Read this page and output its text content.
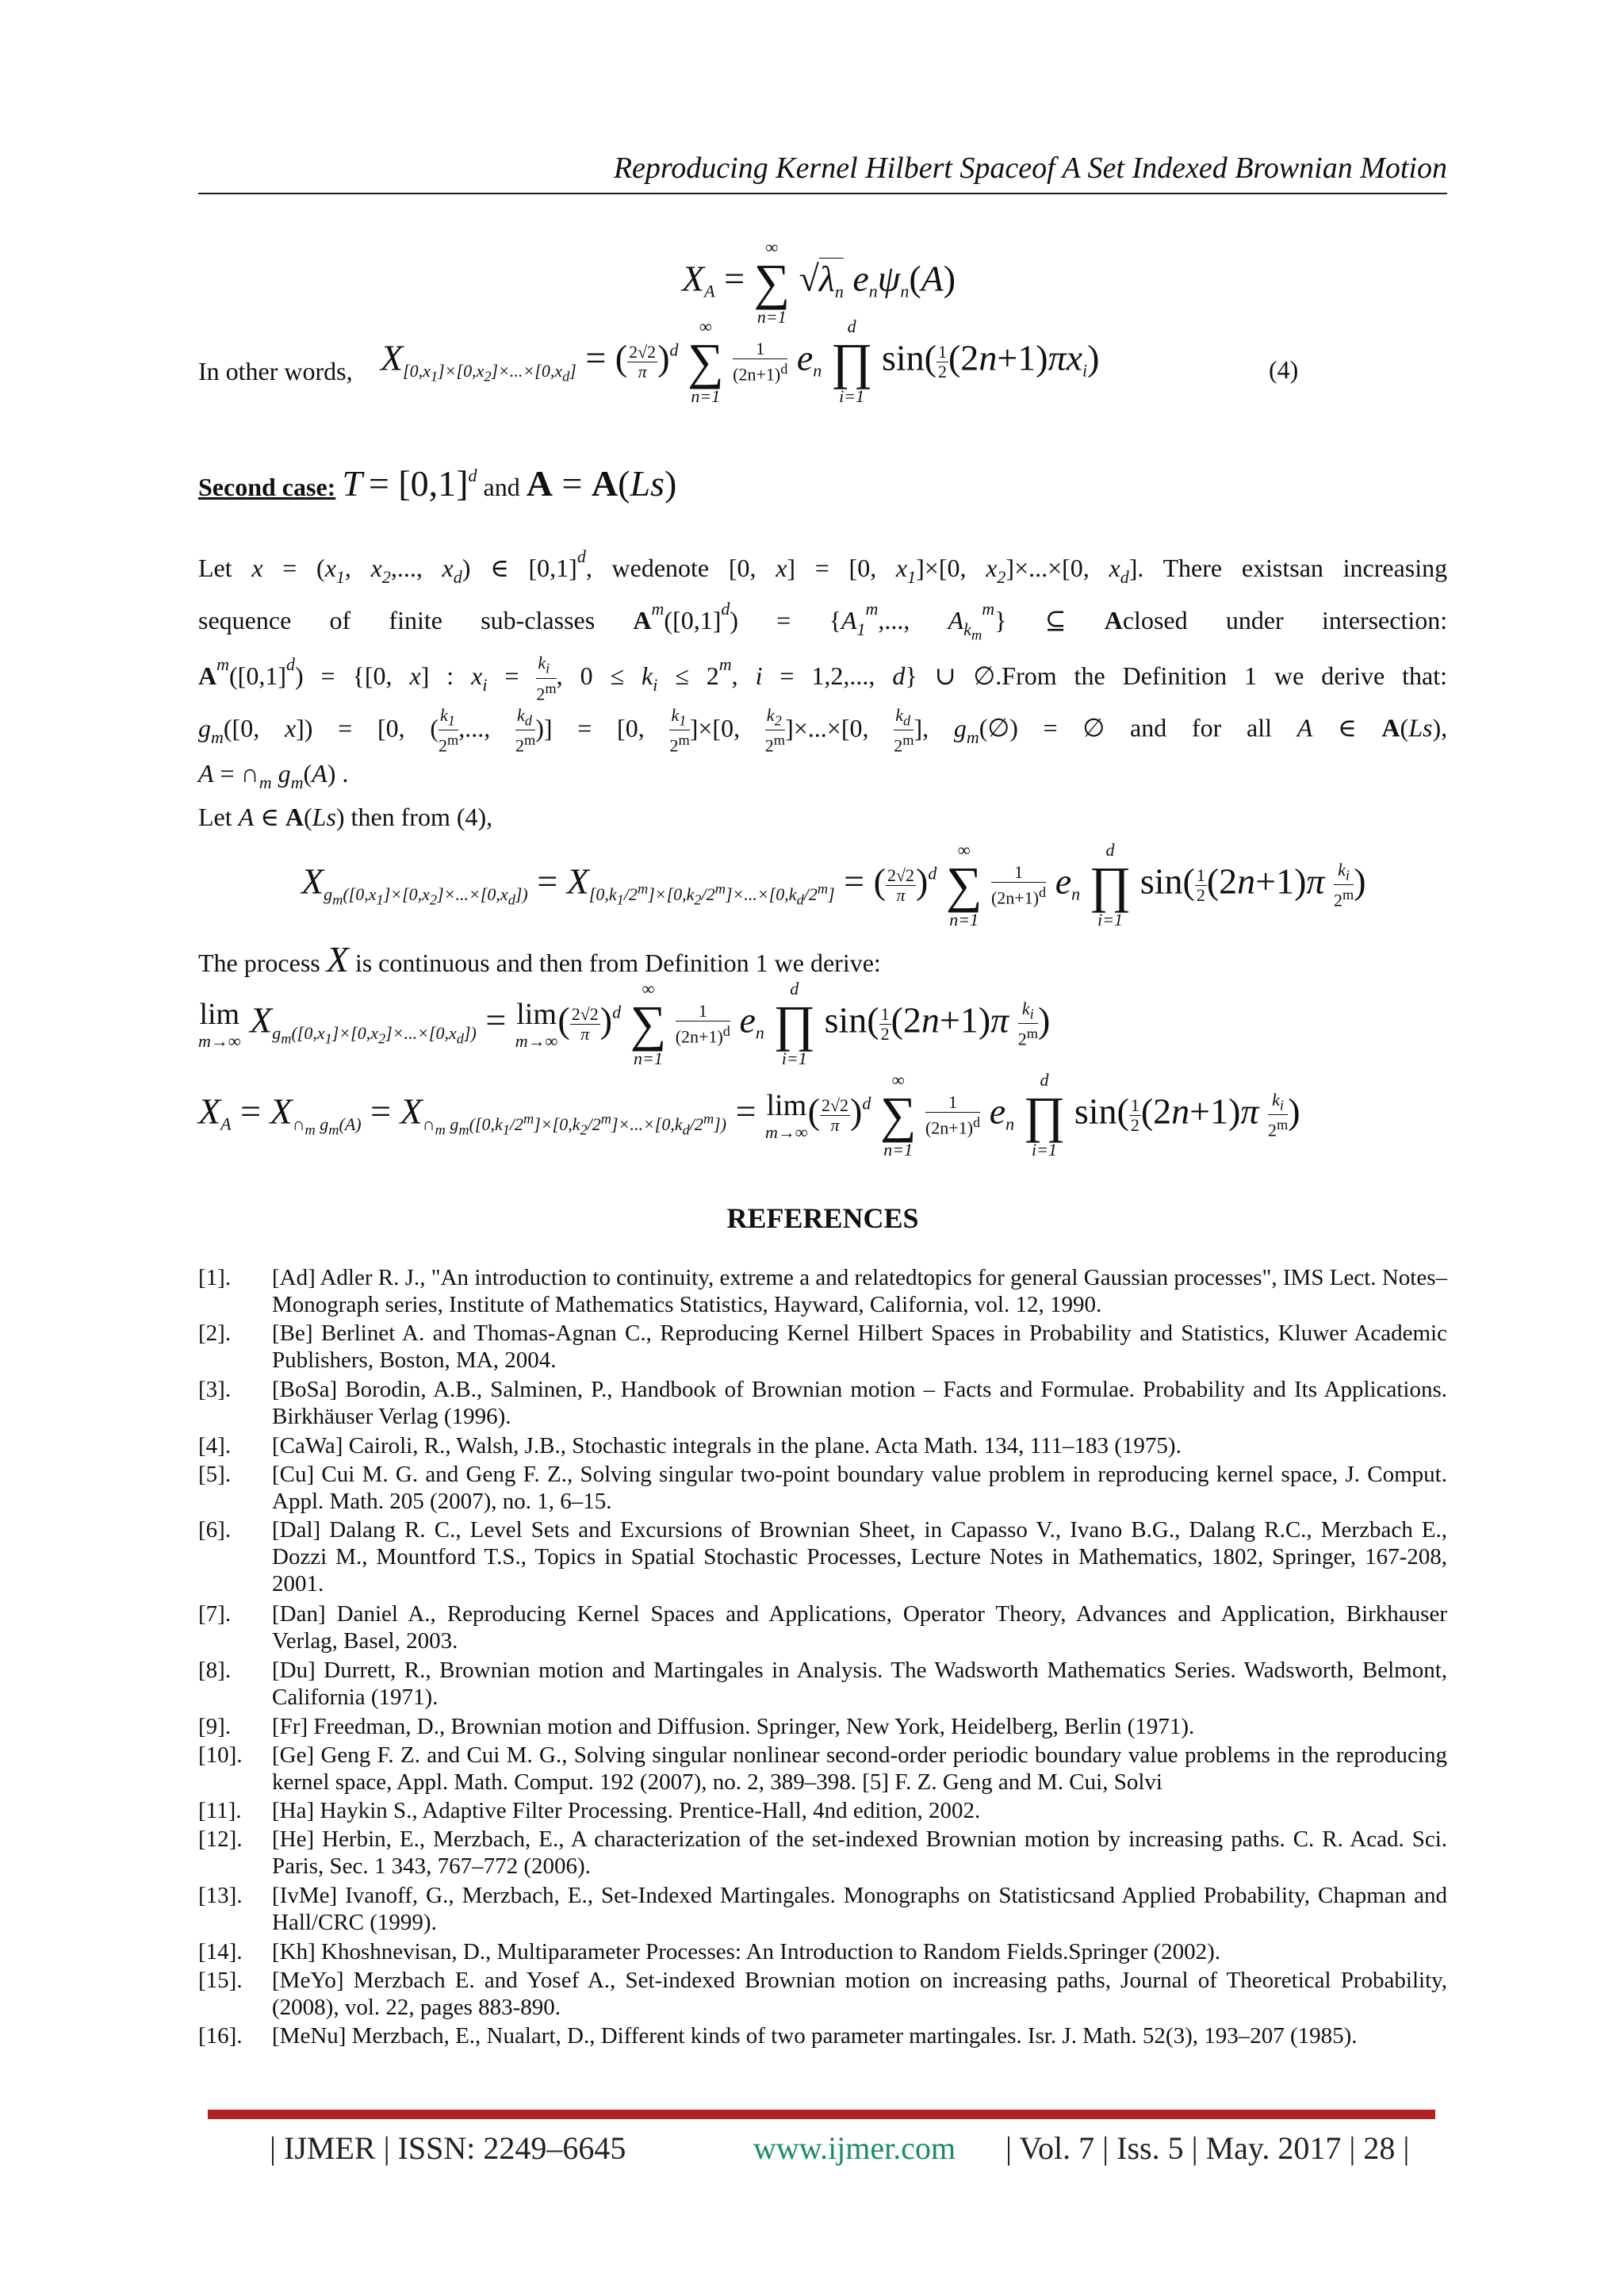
Reproducing Kernel Hilbert Spaceof A Set Indexed Brownian Motion
$X_A$ =
∞
∑
n=1
$√\lambda_n$ $e_n\psi_n(A)$
In other words, $X_{[0,x_1]\times[0,x_2]\times...\times[0,x_d]}$ = ( $\frac{2√2}{\pi} )^d$
∞
∑
n=1

$\frac{1}{(2n+1)^d} e_n$
d
∏
i=1
$\sin( \frac{1}{2} (2n+1)\pi x_i)$	(4)
Second case: $T = [0,1]^d$ and A = A(Ls)
Let $x = (x_1$, $x_2$,..., $x_d$) ∈ $[0,1]^d$, wedenote [0, x] = [0, $x_1]\times[0$, $x_2]\times...\times[0$, $x_d$]. There existsan increasing
sequence of finite sub-classes $A^m([0,1]^d) = \{A_1^m$,..., $A_{k_m}^m$} ⊆ Aclosed under intersection:
$A^m([0,1]^d) = \{[0$, x] : $x_i = \frac{k_i}{2^m}$ , $0 \le k_i \le 2^m$, i = 1,2,..., d} ∪ ∅.From the Definition 1 we derive that:
$g_m([0$, x]) = [0, ( $\frac{k_1}{2^m}$ ,..., $\frac{k_d}{2^m}$ )] = [0, $\frac{k_1}{2^m} ]\times[0$, $\frac{k_2}{2^m} ]\times...\times[0$, $\frac{k_d}{2^m}$ ], $g_m(\emptyset)$ = ∅ and for all A ∈ A(Ls),
$A = \cap_m$ $g_m(A)$ .
Let A ∈ A(Ls) then from (4),
$X_{g_m([0,x_1]\times[0,x_2]\times...\times[0,x_d])} = X_{[0,k_1/2^m]\times[0,k_2/2^m]\times...\times[0,k_d/2^m]}$ = ( $\frac{2√2}{\pi} )^d$
∞
∑
n=1

$\frac{1}{(2n+1)^d} e_n$
d
∏
i=1
$\sin( \frac{1}{2} (2n+1)\pi \frac{k_i}{2^m}$ )
The process X is continuous and then from Definition 1 we derive:
lim
m→∞
$X_{g_m([0,x_1]\times[0,x_2]\times...\times[0,x_d])} = \lim$
m→∞
( $\frac{2√2}{\pi} )^d$
∞
∑
n=1

$\frac{1}{(2n+1)^d} e_n$
d
∏
i=1
$\sin( \frac{1}{2} (2n+1)\pi \frac{k_i}{2^m}$ )
$X_A = X_{\cap_m g_m(A)} = X_{\cap_m g_m([0,k_1/2^m]\times[0,k_2/2^m]\times...\times[0,k_d/2^m])} = \lim$
m→∞
( $\frac{2√2}{\pi} )^d$
∞
∑
n=1

$\frac{1}{(2n+1)^d} e_n$
d
∏
i=1
$\sin( \frac{1}{2} (2n+1)\pi \frac{k_i}{2^m}$ )
REFERENCES
[1].	[Ad] Adler R. J., "An introduction to continuity, extreme a and relatedtopics for general Gaussian processes", IMS Lect. Notes–Monograph series, Institute of Mathematics Statistics, Hayward, California, vol. 12, 1990.
[2].	[Be] Berlinet A. and Thomas-Agnan C., Reproducing Kernel Hilbert Spaces in Probability and Statistics, Kluwer Academic Publishers, Boston, MA, 2004.
[3].	[BoSa] Borodin, A.B., Salminen, P., Handbook of Brownian motion – Facts and Formulae. Probability and Its Applications. Birkhäuser Verlag (1996).
[4].	[CaWa] Cairoli, R., Walsh, J.B., Stochastic integrals in the plane. Acta Math. 134, 111–183 (1975).
[5].	[Cu] Cui M. G. and Geng F. Z., Solving singular two-point boundary value problem in reproducing kernel space, J. Comput. Appl. Math. 205 (2007), no. 1, 6–15.
[6].	[Dal] Dalang R. C., Level Sets and Excursions of Brownian Sheet, in Capasso V., Ivano B.G., Dalang R.C., Merzbach E., Dozzi M., Mountford T.S., Topics in Spatial Stochastic Processes, Lecture Notes in Mathematics, 1802, Springer, 167-208, 2001.
[7].	[Dan] Daniel A., Reproducing Kernel Spaces and Applications, Operator Theory, Advances and Application, Birkhauser Verlag, Basel, 2003.
[8].	[Du] Durrett, R., Brownian motion and Martingales in Analysis. The Wadsworth Mathematics Series. Wadsworth, Belmont, California (1971).
[9].	[Fr] Freedman, D., Brownian motion and Diffusion. Springer, New York, Heidelberg, Berlin (1971).
[10].	[Ge] Geng F. Z. and Cui M. G., Solving singular nonlinear second-order periodic boundary value problems in the reproducing kernel space, Appl. Math. Comput. 192 (2007), no. 2, 389–398. [5] F. Z. Geng and M. Cui, Solvi
[11].	[Ha] Haykin S., Adaptive Filter Processing. Prentice-Hall, 4nd edition, 2002.
[12].	[He] Herbin, E., Merzbach, E., A characterization of the set-indexed Brownian motion by increasing paths. C. R. Acad. Sci. Paris, Sec. 1 343, 767–772 (2006).
[13].	[IvMe] Ivanoff, G., Merzbach, E., Set-Indexed Martingales. Monographs on Statisticsand Applied Probability, Chapman and Hall/CRC (1999).
[14].	[Kh] Khoshnevisan, D., Multiparameter Processes: An Introduction to Random Fields.Springer (2002).
[15].	[MeYo] Merzbach E. and Yosef A., Set-indexed Brownian motion on increasing paths, Journal of Theoretical Probability, (2008), vol. 22, pages 883-890.
[16].	[MeNu] Merzbach, E., Nualart, D., Different kinds of two parameter martingales. Isr. J. Math. 52(3), 193–207 (1985).
| IJMER | ISSN: 2249–6645	www.ijmer.com | Vol. 7 | Iss. 5 | May. 2017 | 28 |
